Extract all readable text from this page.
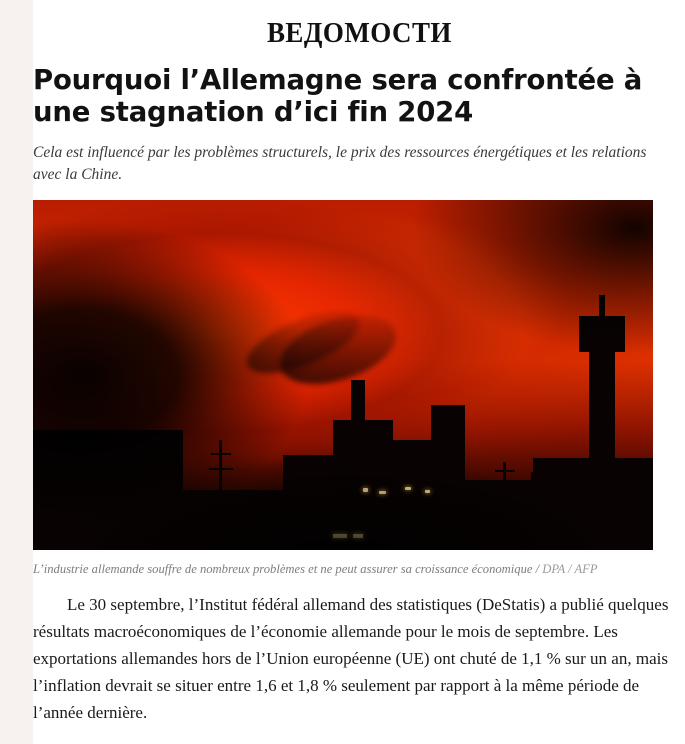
ВЕДОМОСТИ
Pourquoi l’Allemagne sera confrontée à une stagnation d’ici fin 2024

Cela est influencé par les problèmes structurels, le prix des ressources énergétiques et les relations avec la Chine.

L’industrie allemande souffre de nombreux problèmes et ne peut assurer sa croissance économique / DPA / AFP

Le 30 septembre, l’Institut fédéral allemand des statistiques (DeStatis) a publié quelques résultats macroéconomiques de l’économie allemande pour le mois de septembre. Les exportations allemandes hors de l’Union européenne (UE) ont chuté de 1,1 % sur un an, mais l’inflation devrait se situer entre 1,6 et 1,8 % seulement par rapport à la même période de l’année dernière.
